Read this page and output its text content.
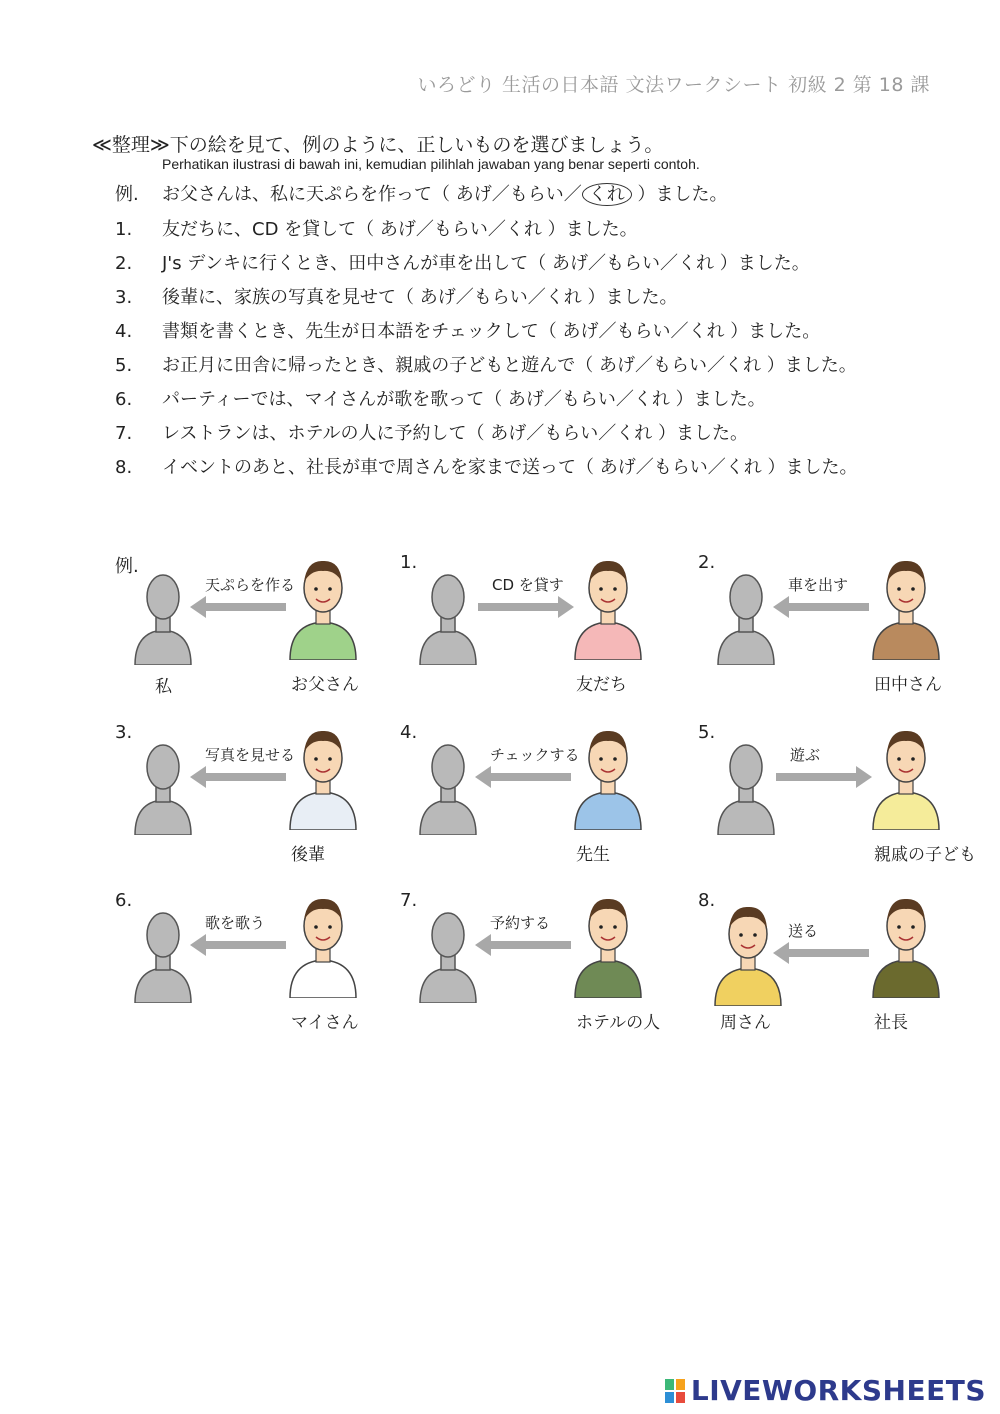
いろどり 生活の日本語 文法ワークシート 初級 2 第 18 課
≪整理≫下の絵を見て、例のように、正しいものを選びましょう。
Perhatikan ilustrasi di bawah ini, kemudian pilihlah jawaban yang benar seperti contoh.
例. お父さんは、私に天ぷらを作って（ あげ／もらい／ くれ ）ました。
1. 友だちに、CD を貸して（ あげ／もらい／くれ ）ました。
2. J's デンキに行くとき、田中さんが車を出して（ あげ／もらい／くれ ）ました。
3. 後輩に、家族の写真を見せて（ あげ／もらい／くれ ）ました。
4. 書類を書くとき、先生が日本語をチェックして（ あげ／もらい／くれ ）ました。
5. お正月に田舎に帰ったとき、親戚の子どもと遊んで（ あげ／もらい／くれ ）ました。
6. パーティーでは、マイさんが歌を歌って（ あげ／もらい／くれ ）ました。
7. レストランは、ホテルの人に予約して（ あげ／もらい／くれ ）ました。
8. イベントのあと、社長が車で周さんを家まで送って（ あげ／もらい／くれ ）ました。
例.
天ぷらを作る
私	お父さん
1.
CD を貸す
友だち
2.
車を出す
田中さん
3.
写真を見せる
後輩
4.
チェックする
先生
5.
遊ぶ
親戚の子ども
6.
歌を歌う
マイさん
7.
予約する
ホテルの人
8.
送る
周さん	社長
LIVEWORKSHEETS
